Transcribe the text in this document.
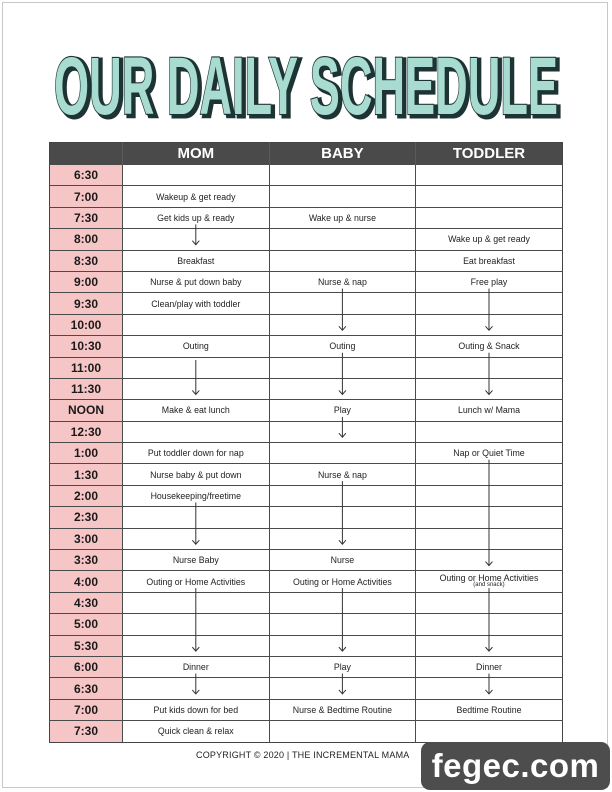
OUR DAILY SCHEDULE
OUR DAILY SCHEDULE
	MOM	BABY	TODDLER
6:30			
7:00	Wakeup & get ready		
7:30	Get kids up & ready	Wake up & nurse	
8:00			Wake up & get ready
8:30	Breakfast		Eat breakfast
9:00	Nurse & put down baby	Nurse & nap	Free play
9:30	Clean/play with toddler		
10:00			
10:30	Outing	Outing	Outing & Snack
11:00			
11:30			
NOON	Make & eat lunch	Play	Lunch w/ Mama
12:30			
1:00	Put toddler down for nap		Nap or Quiet Time
1:30	Nurse baby & put down	Nurse & nap	
2:00	Housekeeping/freetime		
2:30			
3:00			
3:30	Nurse Baby	Nurse	
4:00	Outing or Home Activities	Outing or Home Activities	Outing or Home Activities
(and snack)

4:30			
5:00			
5:30			
6:00	Dinner	Play	Dinner
6:30			
7:00	Put kids down for bed	Nurse & Bedtime Routine	Bedtime Routine
7:30	Quick clean & relax		
COPYRIGHT © 2020 | THE INCREMENTAL MAMA fegec.com
